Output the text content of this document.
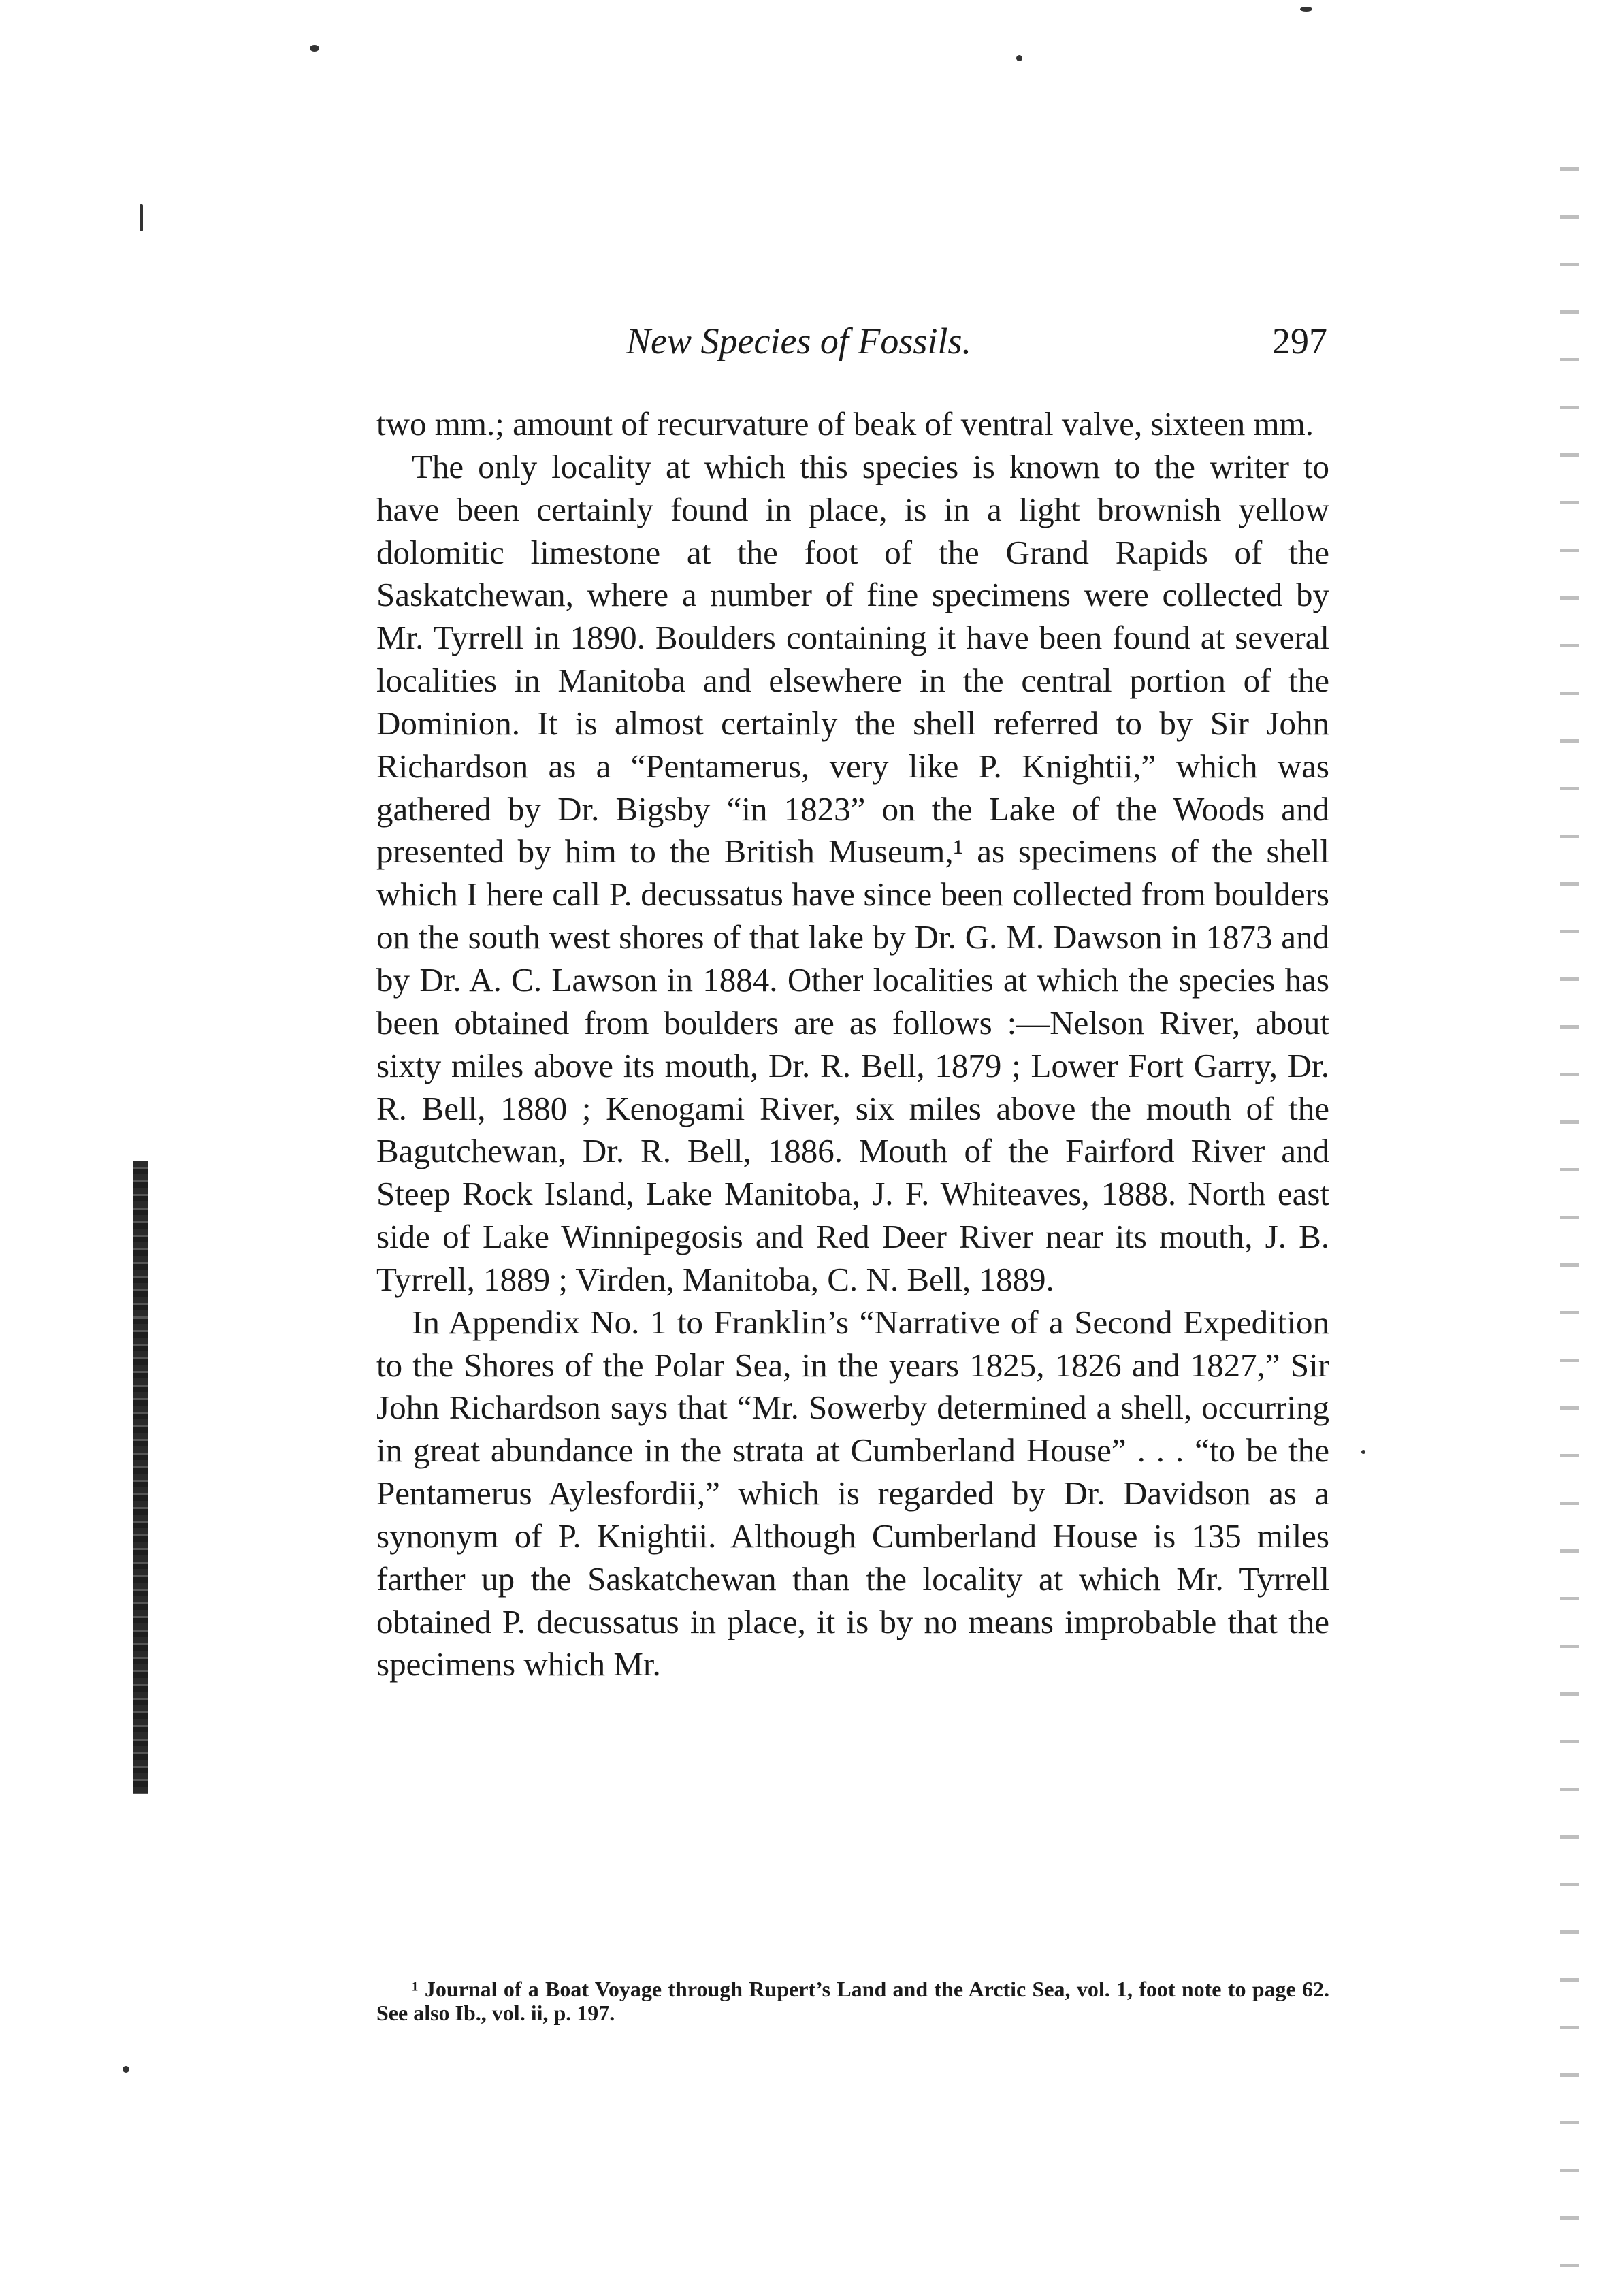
New Species of Fossils.	297

two mm.; amount of recurvature of beak of ventral valve, sixteen mm.

The only locality at which this species is known to the writer to have been certainly found in place, is in a light brownish yellow dolomitic limestone at the foot of the Grand Rapids of the Saskatchewan, where a number of fine specimens were collected by Mr. Tyrrell in 1890. Boulders containing it have been found at several localities in Manitoba and elsewhere in the central portion of the Dominion. It is almost certainly the shell referred to by Sir John Richardson as a “Pentamerus, very like P. Knightii,” which was gathered by Dr. Bigsby “in 1823” on the Lake of the Woods and presented by him to the British Museum,¹ as specimens of the shell which I here call P. decussatus have since been collected from boulders on the south west shores of that lake by Dr. G. M. Dawson in 1873 and by Dr. A. C. Lawson in 1884. Other localities at which the species has been obtained from boulders are as follows :—Nelson River, about sixty miles above its mouth, Dr. R. Bell, 1879 ; Lower Fort Garry, Dr. R. Bell, 1880 ; Kenogami River, six miles above the mouth of the Bagutchewan, Dr. R. Bell, 1886. Mouth of the Fairford River and Steep Rock Island, Lake Manitoba, J. F. Whiteaves, 1888. North east side of Lake Winnipegosis and Red Deer River near its mouth, J. B. Tyrrell, 1889 ; Virden, Manitoba, C. N. Bell, 1889.

In Appendix No. 1 to Franklin’s “Narrative of a Second Expedition to the Shores of the Polar Sea, in the years 1825, 1826 and 1827,” Sir John Richardson says that “Mr. Sowerby determined a shell, occurring in great abundance in the strata at Cumberland House” . . . “to be the Pentamerus Aylesfordii,” which is regarded by Dr. Davidson as a synonym of P. Knightii. Although Cumberland House is 135 miles farther up the Saskatchewan than the locality at which Mr. Tyrrell obtained P. decussatus in place, it is by no means improbable that the specimens which Mr.

¹ Journal of a Boat Voyage through Rupert’s Land and the Arctic Sea, vol. 1, foot note to page 62. See also Ib., vol. ii, p. 197.
